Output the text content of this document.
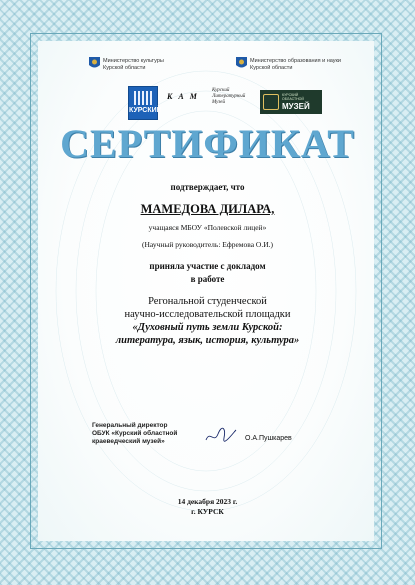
Министерство культуры
Курской области
Министерство образования и науки
Курской области
КУРСКИЙ
К А М
Курский
Литературный
Музей
КУРСКИЙ
ОБЛАСТНОЙ
МУЗЕЙ
СЕРТИФИКАТ
подтверждает, что
МАМЕДОВА ДИЛАРА,
учащаяся МБОУ «Полевской лицей»
(Научный руководитель: Ефремова О.И.)
приняла участие с докладом
в работе
Регональной студенческой
научно-исследовательской площадки
«Духовный путь земли Курской:
литература, язык, история, культура»
Генеральный директор
ОБУК «Курский областной
краеведческий музей»	О.А.Пушкарев
14 декабря 2023 г.
г. КУРСК
